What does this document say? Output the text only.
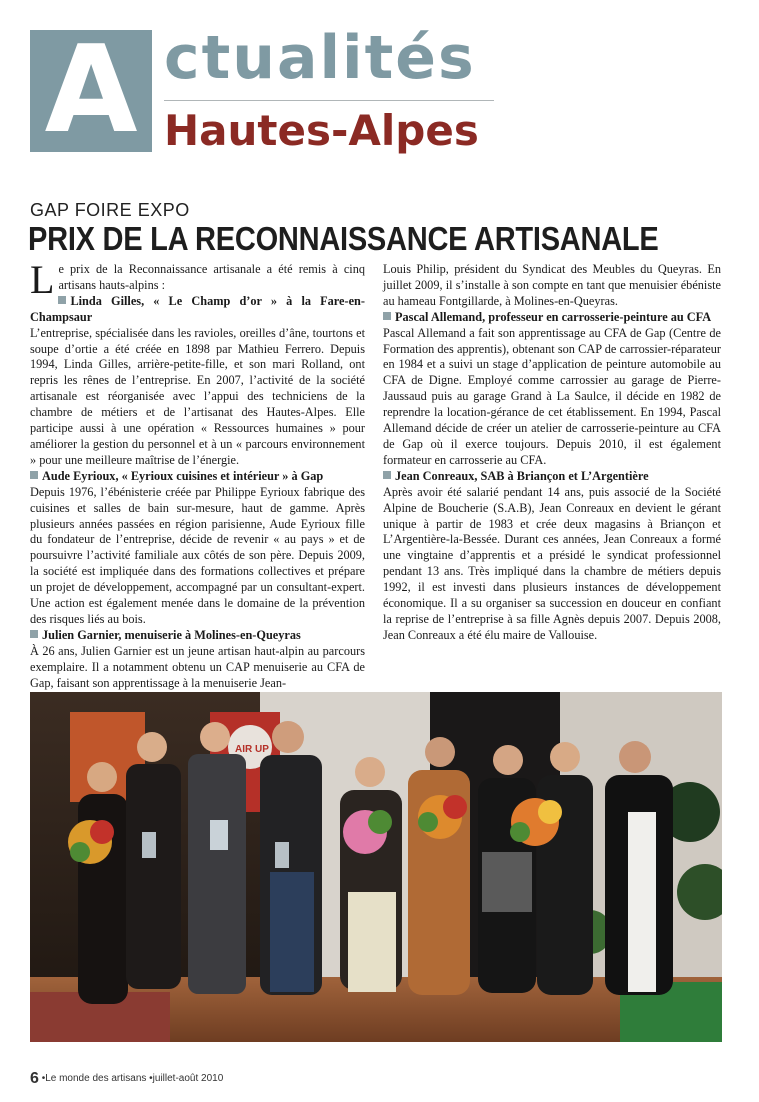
A ctualités
Hautes-Alpes
GAP FOIRE EXPO
PRIX DE LA RECONNAISSANCE ARTISANALE

Le prix de la Reconnaissance artisanale a été remis à cinq artisans hauts-alpins :

Linda Gilles, « Le Champ d’or » à la Fare-en-Champsaur

L’entreprise, spécialisée dans les ravioles, oreilles d’âne, tourtons et soupe d’ortie a été créée en 1898 par Mathieu Ferrero. Depuis 1994, Linda Gilles, arrière-petite-fille, et son mari Rolland, ont repris les rênes de l’entreprise. En 2007, l’activité de la société artisanale est réorganisée avec l’appui des techniciens de la chambre de métiers et de l’artisanat des Hautes-Alpes. Elle participe aussi à une opération « Ressources humaines » pour améliorer la gestion du personnel et à un « parcours environnement » pour une meilleure maîtrise de l’énergie.

Aude Eyrioux, « Eyrioux cuisines et intérieur » à Gap

Depuis 1976, l’ébénisterie créée par Philippe Eyrioux fabrique des cuisines et salles de bain sur-mesure, haut de gamme. Après plusieurs années passées en région parisienne, Aude Eyrioux fille du fondateur de l’entreprise, décide de revenir « au pays » et de poursuivre l’activité familiale aux côtés de son père. Depuis 2009, la société est impliquée dans des formations collectives et prépare un projet de développement, accompagné par un consultant-expert. Une action est également menée dans le domaine de la prévention des risques liés au bois.

Julien Garnier, menuiserie à Molines-en-Queyras

À 26 ans, Julien Garnier est un jeune artisan haut-alpin au parcours exemplaire. Il a notamment obtenu un CAP menuiserie au CFA de Gap, faisant son apprentissage à la menuiserie Jean-

Louis Philip, président du Syndicat des Meubles du Queyras. En juillet 2009, il s’installe à son compte en tant que menuisier ébéniste au hameau Fontgillarde, à Molines-en-Queyras.

Pascal Allemand, professeur en carrosserie-peinture au CFA

Pascal Allemand a fait son apprentissage au CFA de Gap (Centre de Formation des apprentis), obtenant son CAP de carrossier-réparateur en 1984 et a suivi un stage d’application de peinture automobile au CFA de Digne. Employé comme carrossier au garage de Pierre-Jaussaud puis au garage Grand à La Saulce, il décide en 1982 de reprendre la location-gérance de cet établissement. En 1994, Pascal Allemand décide de créer un atelier de carrosserie-peinture au CFA de Gap où il exerce toujours. Depuis 2010, il est également formateur en carrosserie au CFA.

Jean Conreaux, SAB à Briançon et L’Argentière

Après avoir été salarié pendant 14 ans, puis associé de la Société Alpine de Boucherie (S.A.B), Jean Conreaux en devient le gérant unique à partir de 1983 et crée deux magasins à Briançon et L’Argentière-la-Bessée. Durant ces années, Jean Conreaux a formé une vingtaine d’apprentis et a présidé le syndicat professionnel pendant 13 ans. Très impliqué dans la chambre de métiers depuis 1992, il est investi dans plusieurs instances de développement économique. Il a su organiser sa succession en douceur en confiant la reprise de l’entreprise à sa fille Agnès depuis 2007. Depuis 2008, Jean Conreaux a été élu maire de Vallouise.

AIR UP
6 •Le monde des artisans •juillet-août 2010
